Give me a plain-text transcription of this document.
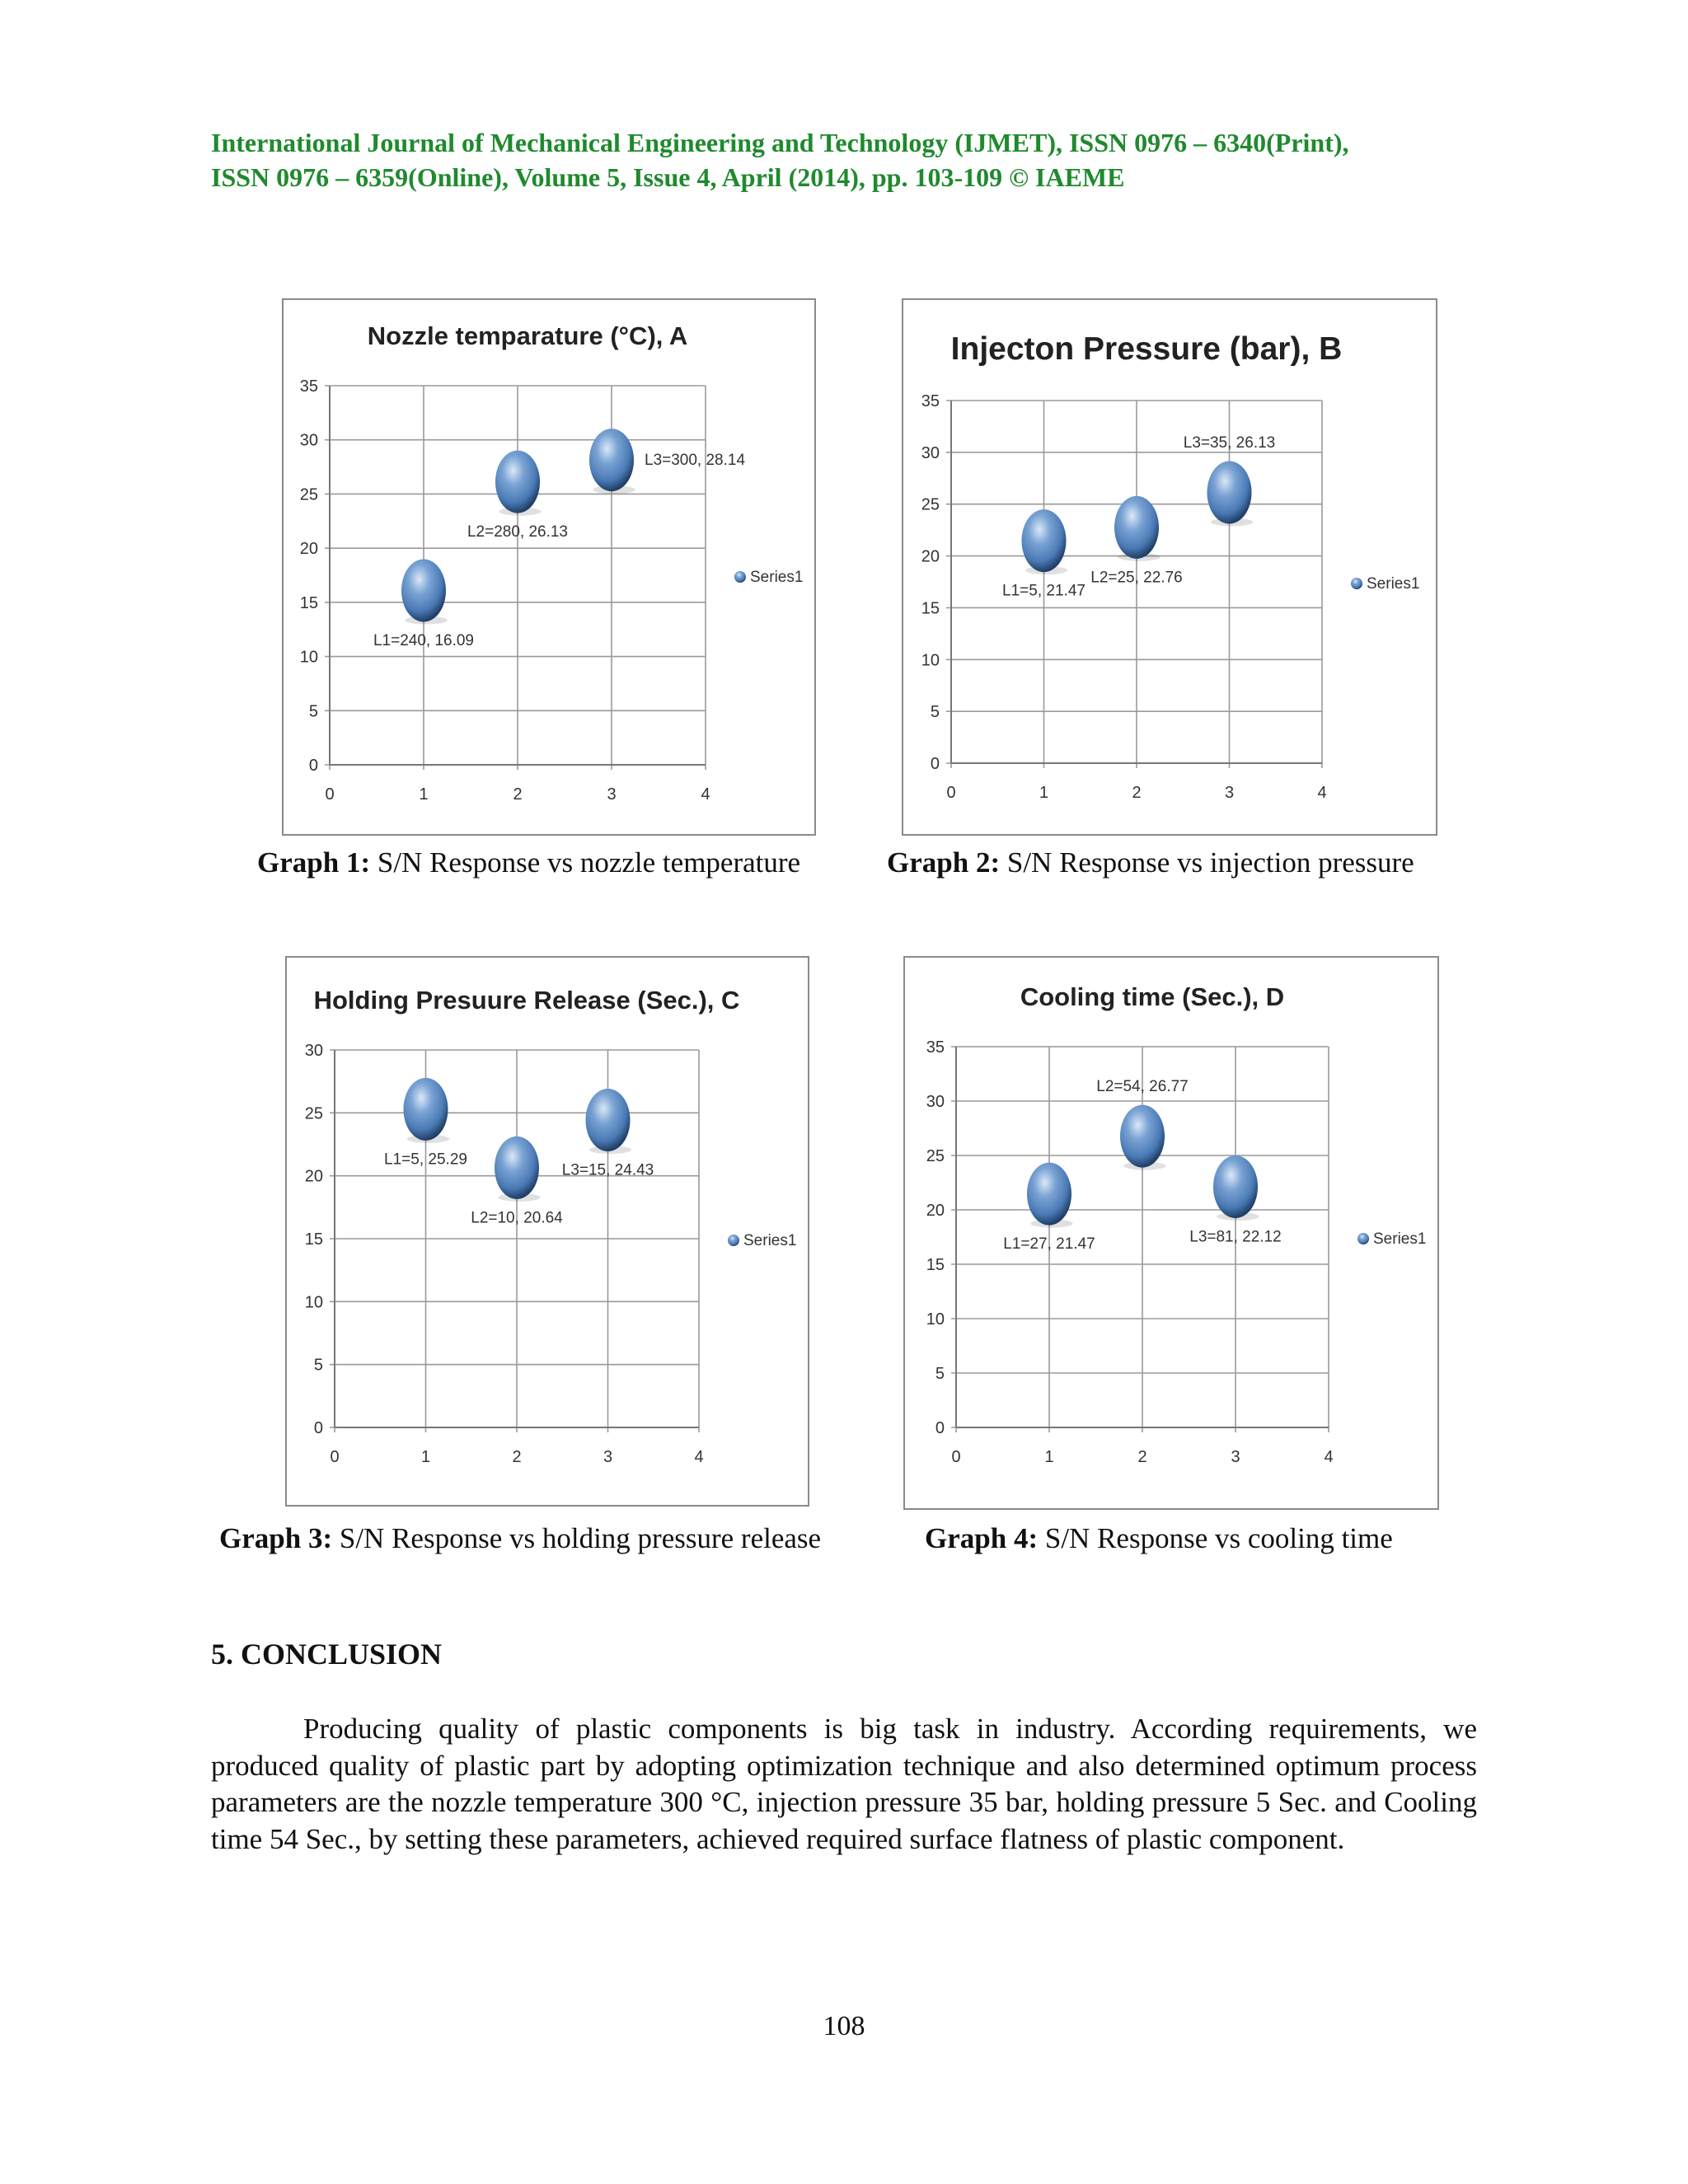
International Journal of Mechanical Engineering and Technology (IJMET), ISSN 0976 – 6340(Print),
ISSN 0976 – 6359(Online), Volume 5, Issue 4, April (2014), pp. 103-109 © IAEME
Nozzle temparature (°C), A
0
5
10
15
20
25
30
35
0	1	2	3	4
L1=240, 16.09
L2=280, 26.13
L3=300, 28.14
Series1
Graph 1: S/N Response vs nozzle temperature
Injecton Pressure (bar), B
0
5
10
15
20
25
30
35
0	1	2	3	4
L1=5, 21.47
L2=25, 22.76
L3=35, 26.13
Series1
Graph 2: S/N Response vs injection pressure
Holding Presuure Release (Sec.), C
0
5
10
15
20
25
30
0	1	2	3	4
L1=5, 25.29
L2=10, 20.64
L3=15, 24.43
Series1
Graph 3: S/N Response vs holding pressure release
Cooling time (Sec.), D
0
5
10
15
20
25
30
35
0	1	2	3	4
L1=27, 21.47
L2=54, 26.77
L3=81, 22.12	Series1
Graph 4: S/N Response vs cooling time
5. CONCLUSION
Producing quality of plastic components is big task in industry. According requirements, we produced quality of plastic part by adopting optimization technique and also determined optimum process parameters are the nozzle temperature 300 °C, injection pressure 35 bar, holding pressure 5 Sec. and Cooling time 54 Sec., by setting these parameters, achieved required surface flatness of plastic component.
108
